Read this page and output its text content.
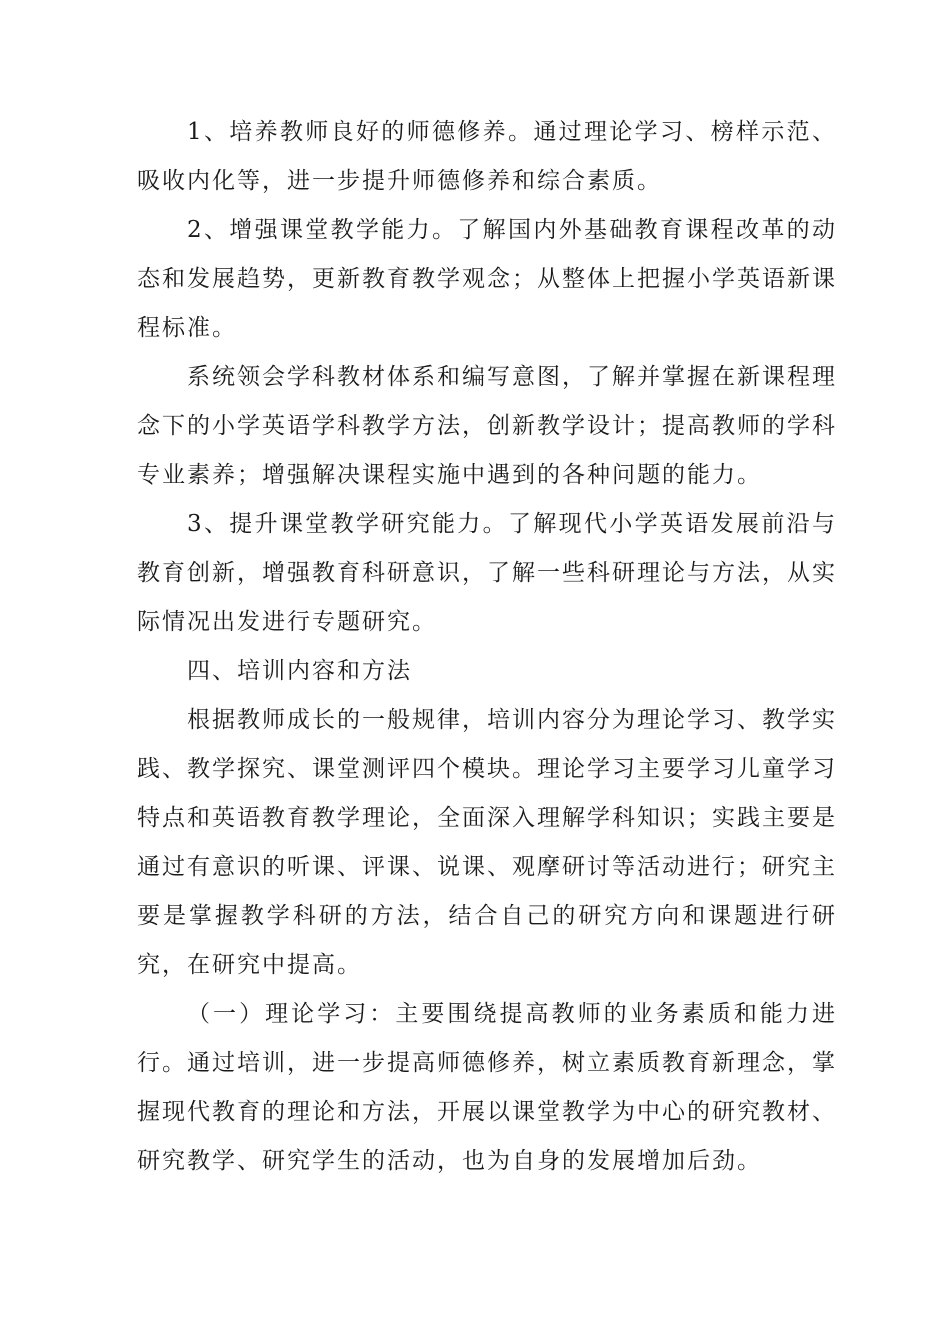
1、培养教师良好的师德修养。通过理论学习、榜样示范、吸收内化等，进一步提升师德修养和综合素质。

2、增强课堂教学能力。了解国内外基础教育课程改革的动态和发展趋势，更新教育教学观念；从整体上把握小学英语新课程标准。

系统领会学科教材体系和编写意图，了解并掌握在新课程理念下的小学英语学科教学方法，创新教学设计；提高教师的学科专业素养；增强解决课程实施中遇到的各种问题的能力。

3、提升课堂教学研究能力。了解现代小学英语发展前沿与教育创新，增强教育科研意识，了解一些科研理论与方法，从实际情况出发进行专题研究。

四、培训内容和方法

根据教师成长的一般规律，培训内容分为理论学习、教学实践、教学探究、课堂测评四个模块。理论学习主要学习儿童学习特点和英语教育教学理论，全面深入理解学科知识；实践主要是通过有意识的听课、评课、说课、观摩研讨等活动进行；研究主要是掌握教学科研的方法，结合自己的研究方向和课题进行研究，在研究中提高。

（一）理论学习：主要围绕提高教师的业务素质和能力进行。通过培训，进一步提高师德修养，树立素质教育新理念，掌握现代教育的理论和方法，开展以课堂教学为中心的研究教材、研究教学、研究学生的活动，也为自身的发展增加后劲。
